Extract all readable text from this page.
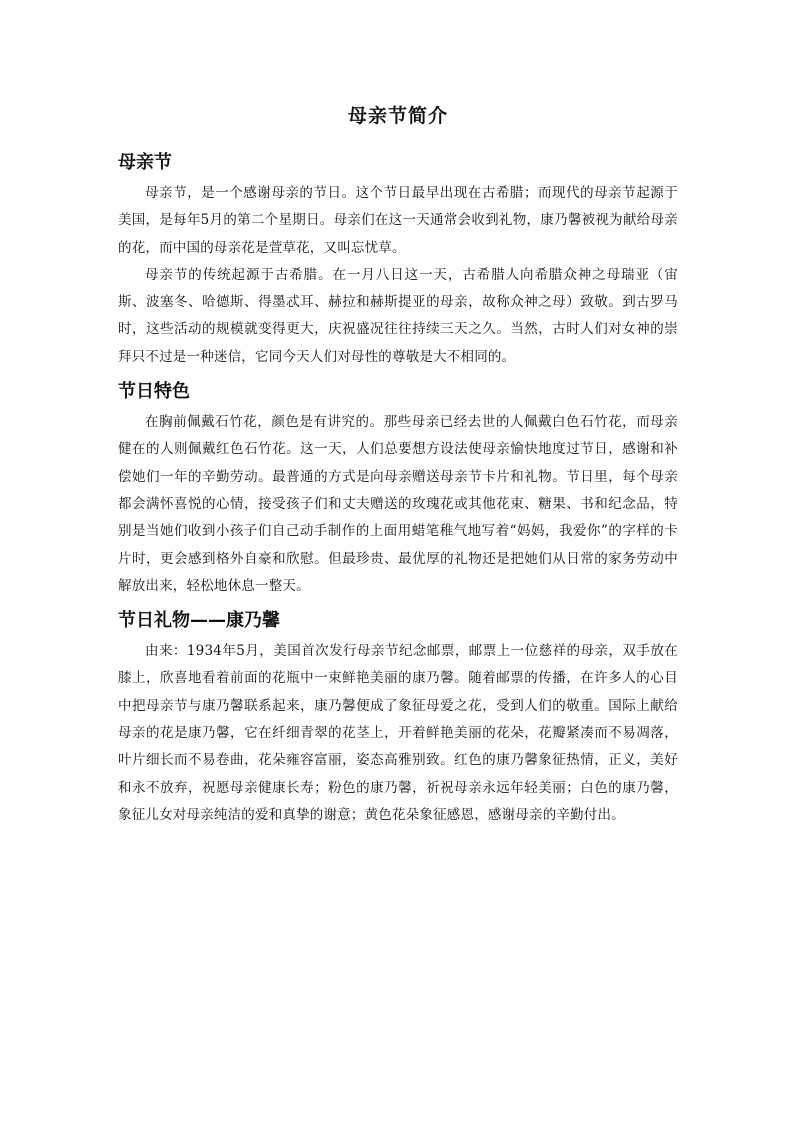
母亲节简介
母亲节

母亲节，是一个感谢母亲的节日。这个节日最早出现在古希腊；而现代的母亲节起源于美国，是每年5月的第二个星期日。母亲们在这一天通常会收到礼物，康乃馨被视为献给母亲的花，而中国的母亲花是萱草花，又叫忘忧草。

母亲节的传统起源于古希腊。在一月八日这一天，古希腊人向希腊众神之母瑞亚（宙斯、波塞冬、哈德斯、得墨忒耳、赫拉和赫斯提亚的母亲，故称众神之母）致敬。到古罗马时，这些活动的规模就变得更大，庆祝盛况往往持续三天之久。当然，古时人们对女神的崇拜只不过是一种迷信，它同今天人们对母性的尊敬是大不相同的。

节日特色

在胸前佩戴石竹花，颜色是有讲究的。那些母亲已经去世的人佩戴白色石竹花，而母亲健在的人则佩戴红色石竹花。这一天，人们总要想方设法使母亲愉快地度过节日，感谢和补偿她们一年的辛勤劳动。最普通的方式是向母亲赠送母亲节卡片和礼物。节日里，每个母亲都会满怀喜悦的心情，接受孩子们和丈夫赠送的玫瑰花或其他花束、糖果、书和纪念品，特别是当她们收到小孩子们自己动手制作的上面用蜡笔稚气地写着“妈妈，我爱你”的字样的卡片时，更会感到格外自豪和欣慰。但最珍贵、最优厚的礼物还是把她们从日常的家务劳动中解放出来，轻松地休息一整天。

节日礼物——康乃馨

由来：1934年5月，美国首次发行母亲节纪念邮票，邮票上一位慈祥的母亲，双手放在膝上，欣喜地看着前面的花瓶中一束鲜艳美丽的康乃馨。随着邮票的传播，在许多人的心目中把母亲节与康乃馨联系起来，康乃馨便成了象征母爱之花，受到人们的敬重。国际上献给母亲的花是康乃馨，它在纤细青翠的花茎上，开着鲜艳美丽的花朵，花瓣紧凑而不易凋落，叶片细长而不易卷曲，花朵雍容富丽，姿态高雅别致。红色的康乃馨象征热情，正义，美好和永不放弃，祝愿母亲健康长寿；粉色的康乃馨，祈祝母亲永远年轻美丽；白色的康乃馨，象征儿女对母亲纯洁的爱和真挚的谢意；黄色花朵象征感恩，感谢母亲的辛勤付出。
